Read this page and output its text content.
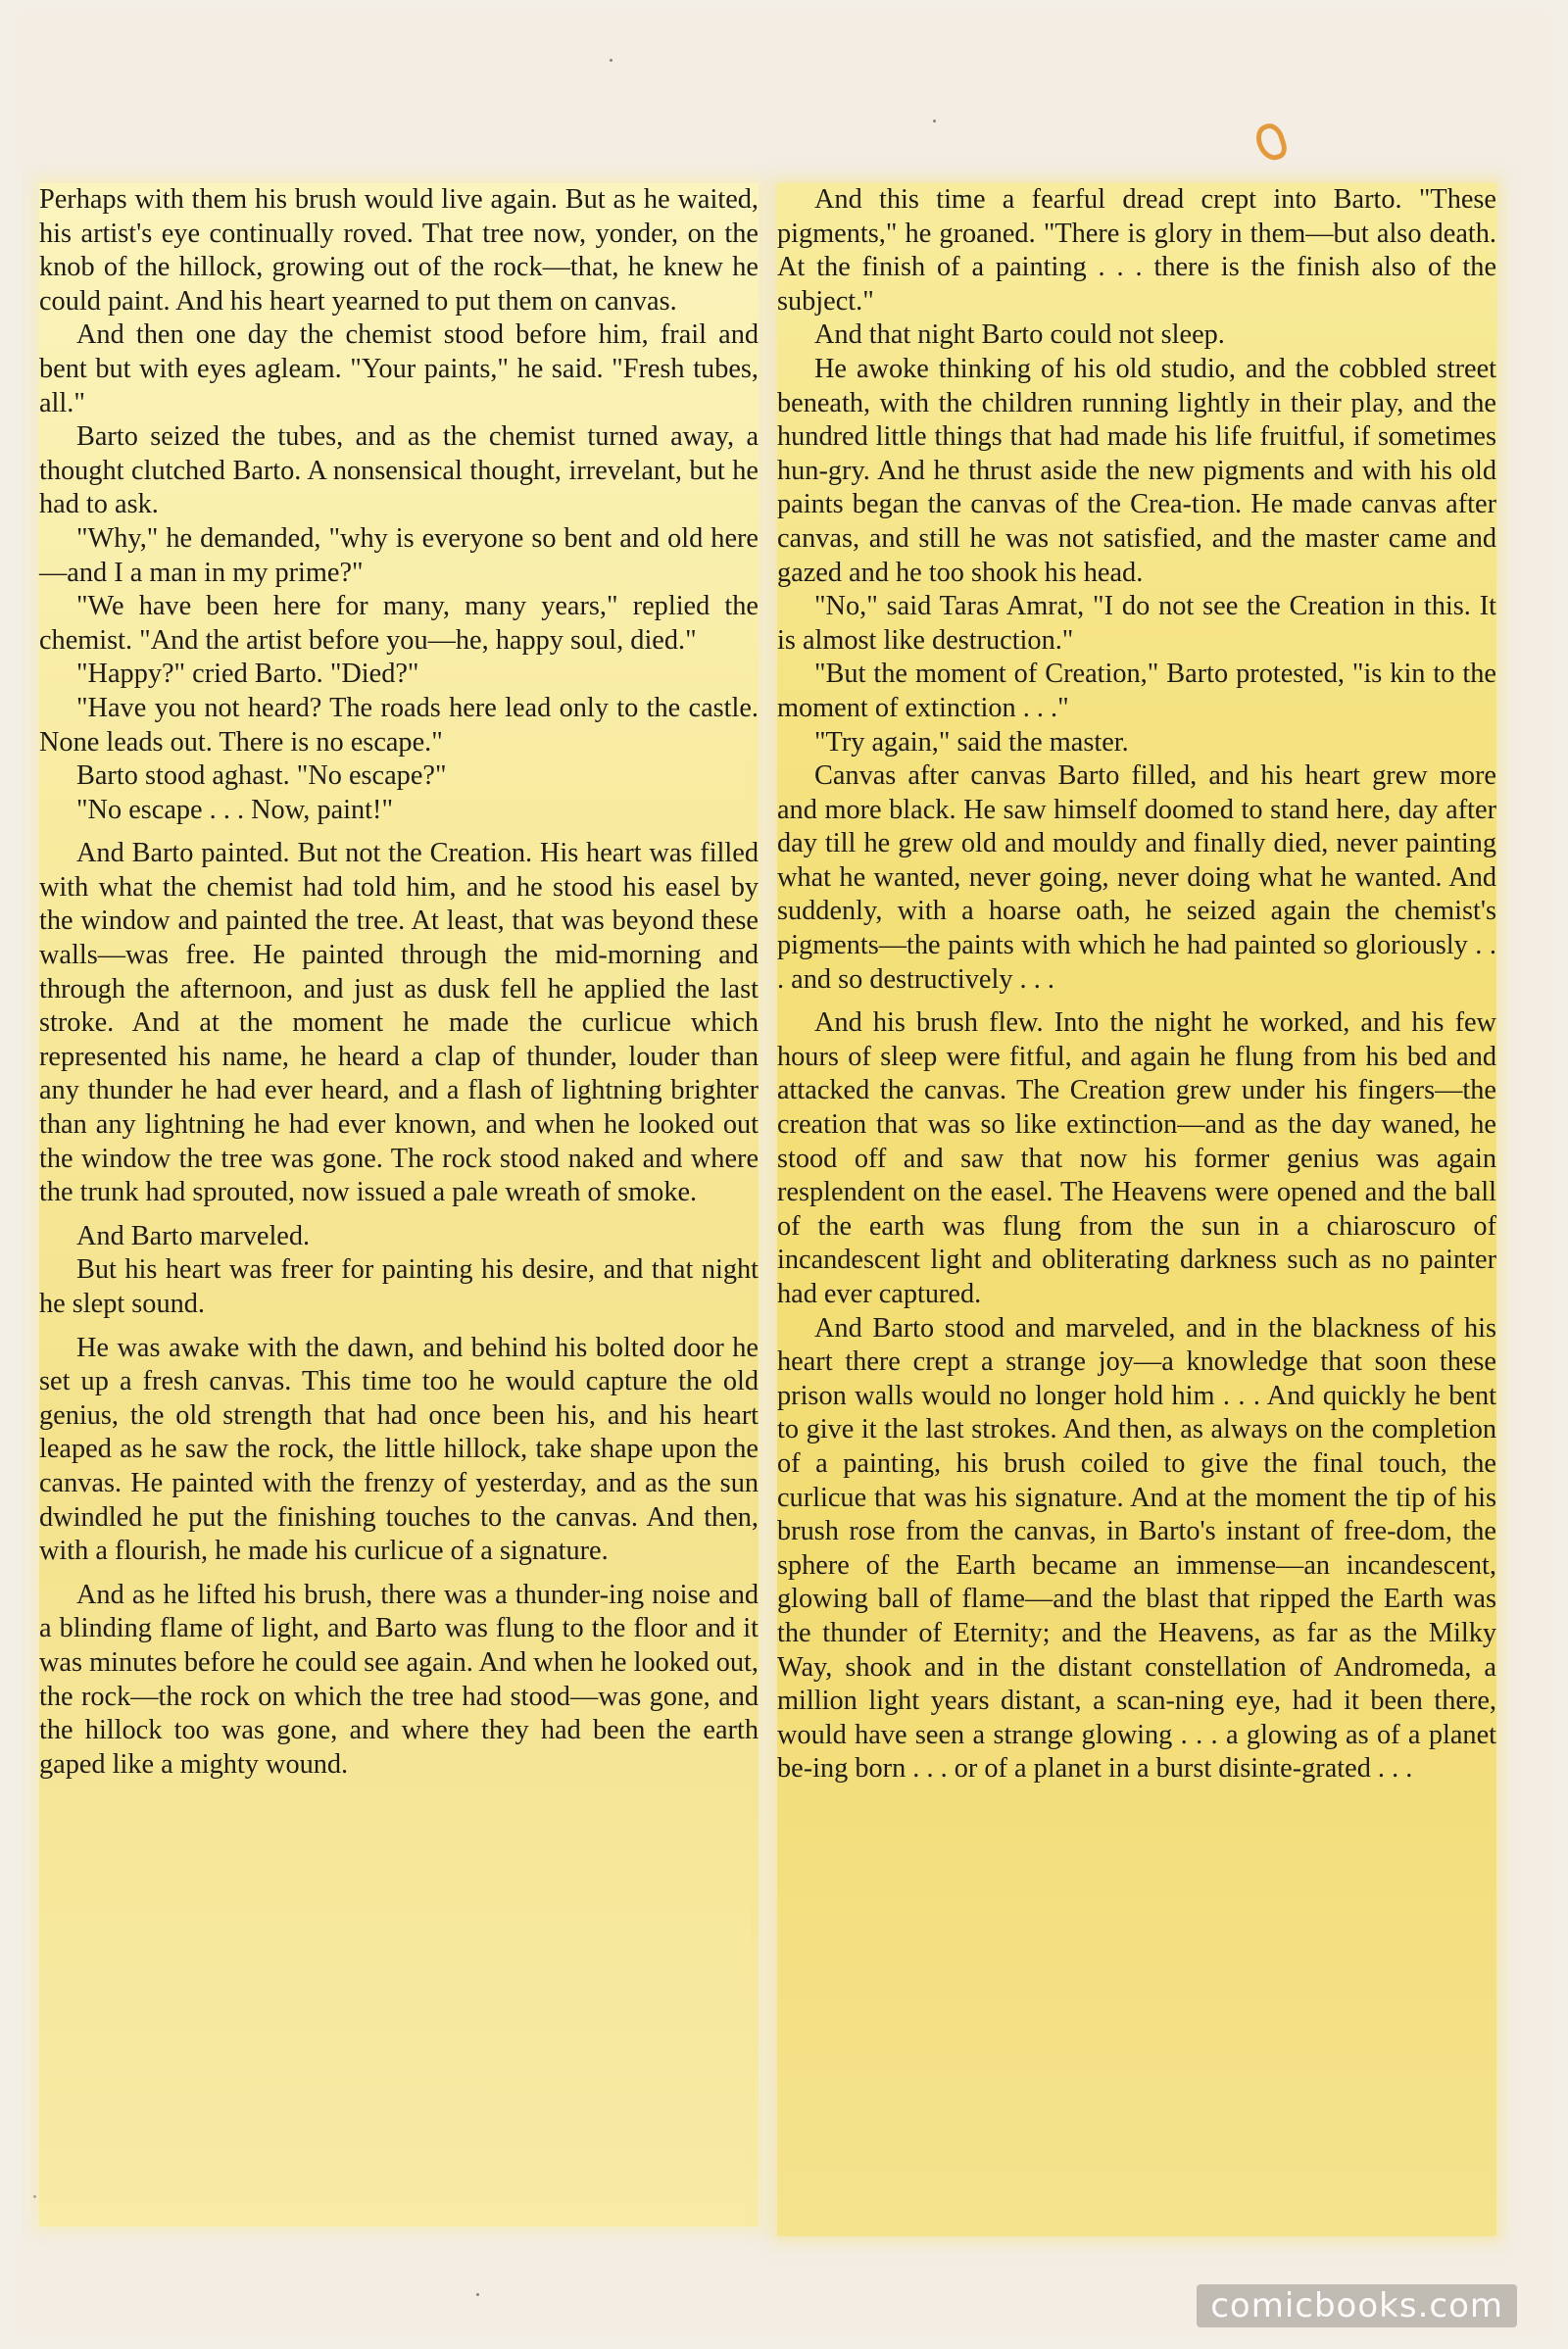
Perhaps with them his brush would live again. But as he waited, his artist's eye continually roved. That tree now, yonder, on the knob of the hillock, growing out of the rock—that, he knew he could paint. And his heart yearned to put them on canvas.

And then one day the chemist stood before him, frail and bent but with eyes agleam. "Your paints," he said. "Fresh tubes, all."

Barto seized the tubes, and as the chemist turned away, a thought clutched Barto. A nonsensical thought, irrevelant, but he had to ask.

"Why," he demanded, "why is everyone so bent and old here—and I a man in my prime?"

"We have been here for many, many years," replied the chemist. "And the artist before you—he, happy soul, died."

"Happy?" cried Barto. "Died?"

"Have you not heard? The roads here lead only to the castle. None leads out. There is no escape."

Barto stood aghast. "No escape?"

"No escape . . . Now, paint!"

And Barto painted. But not the Creation. His heart was filled with what the chemist had told him, and he stood his easel by the window and painted the tree. At least, that was beyond these walls—was free. He painted through the mid-morning and through the afternoon, and just as dusk fell he applied the last stroke. And at the moment he made the curlicue which represented his name, he heard a clap of thunder, louder than any thunder he had ever heard, and a flash of lightning brighter than any lightning he had ever known, and when he looked out the window the tree was gone. The rock stood naked and where the trunk had sprouted, now issued a pale wreath of smoke.

And Barto marveled.

But his heart was freer for painting his desire, and that night he slept sound.

He was awake with the dawn, and behind his bolted door he set up a fresh canvas. This time too he would capture the old genius, the old strength that had once been his, and his heart leaped as he saw the rock, the little hillock, take shape upon the canvas. He painted with the frenzy of yesterday, and as the sun dwindled he put the finishing touches to the canvas. And then, with a flourish, he made his curlicue of a signature.

And as he lifted his brush, there was a thunder-ing noise and a blinding flame of light, and Barto was flung to the floor and it was minutes before he could see again. And when he looked out, the rock—the rock on which the tree had stood—was gone, and the hillock too was gone, and where they had been the earth gaped like a mighty wound.

And this time a fearful dread crept into Barto. "These pigments," he groaned. "There is glory in them—but also death. At the finish of a painting . . . there is the finish also of the subject."

And that night Barto could not sleep.

He awoke thinking of his old studio, and the cobbled street beneath, with the children running lightly in their play, and the hundred little things that had made his life fruitful, if sometimes hun-gry. And he thrust aside the new pigments and with his old paints began the canvas of the Crea-tion. He made canvas after canvas, and still he was not satisfied, and the master came and gazed and he too shook his head.

"No," said Taras Amrat, "I do not see the Creation in this. It is almost like destruction."

"But the moment of Creation," Barto protested, "is kin to the moment of extinction . . ."

"Try again," said the master.

Canvas after canvas Barto filled, and his heart grew more and more black. He saw himself doomed to stand here, day after day till he grew old and mouldy and finally died, never painting what he wanted, never going, never doing what he wanted. And suddenly, with a hoarse oath, he seized again the chemist's pigments—the paints with which he had painted so gloriously . . . and so destructively . . .

And his brush flew. Into the night he worked, and his few hours of sleep were fitful, and again he flung from his bed and attacked the canvas. The Creation grew under his fingers—the creation that was so like extinction—and as the day waned, he stood off and saw that now his former genius was again resplendent on the easel. The Heavens were opened and the ball of the earth was flung from the sun in a chiaroscuro of incandescent light and obliterating darkness such as no painter had ever captured.

And Barto stood and marveled, and in the blackness of his heart there crept a strange joy—a knowledge that soon these prison walls would no longer hold him . . . And quickly he bent to give it the last strokes. And then, as always on the completion of a painting, his brush coiled to give the final touch, the curlicue that was his signature. And at the moment the tip of his brush rose from the canvas, in Barto's instant of free-dom, the sphere of the Earth became an immense—an incandescent, glowing ball of flame—and the blast that ripped the Earth was the thunder of Eternity; and the Heavens, as far as the Milky Way, shook and in the distant constellation of Andromeda, a million light years distant, a scan-ning eye, had it been there, would have seen a strange glowing . . . a glowing as of a planet be-ing born . . . or of a planet in a burst disinte-grated . . .

comicbooks.com
